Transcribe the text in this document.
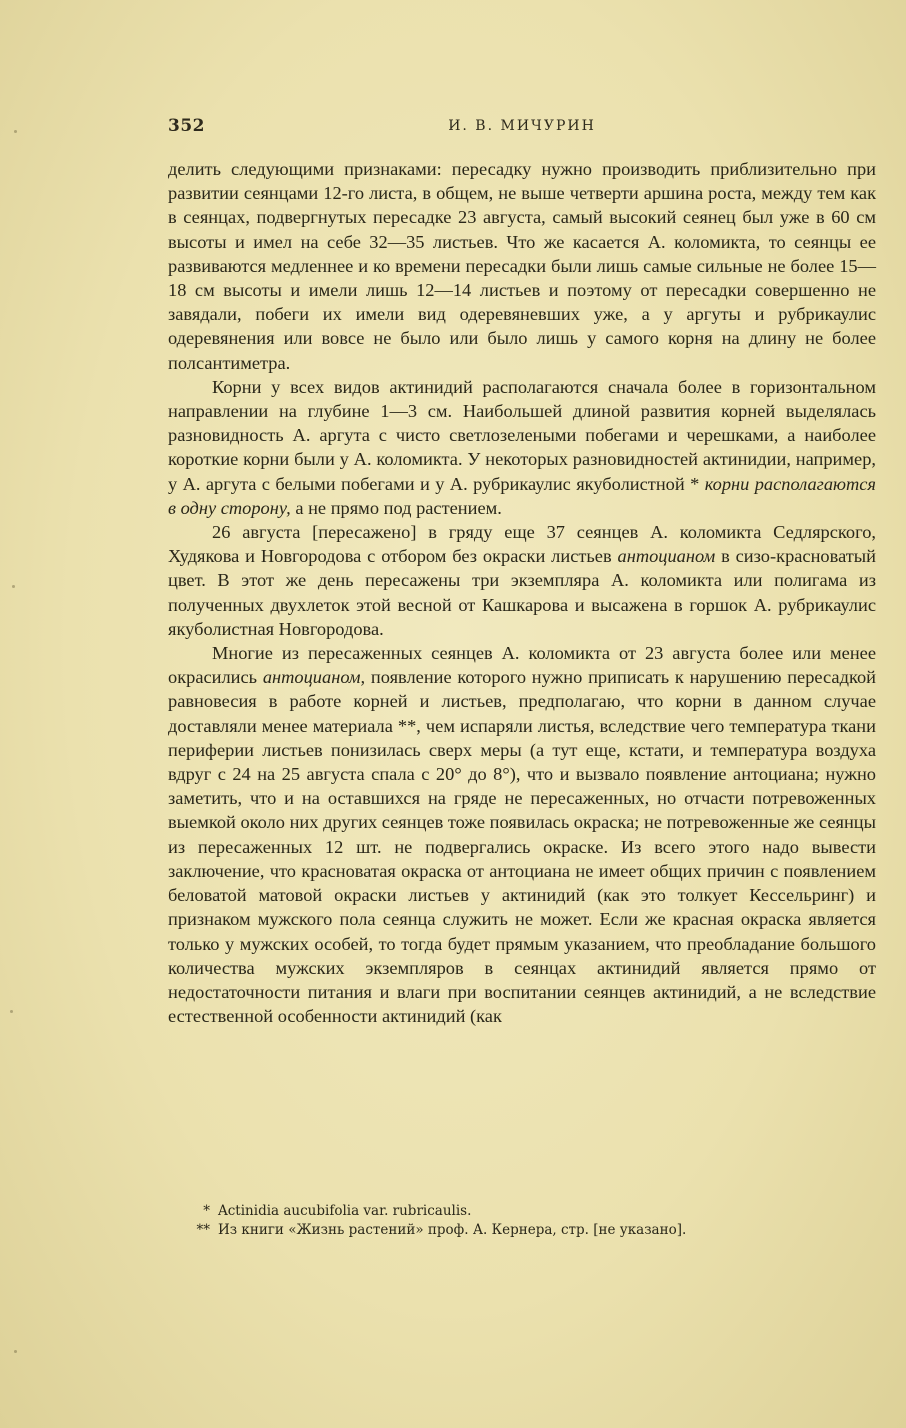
352	И. В. МИЧУРИН

делить следующими признаками: пересадку нужно производить приблизительно при развитии сеянцами 12-го листа, в общем, не выше четверти аршина роста, между тем как в сеянцах, подвергнутых пересадке 23 августа, самый высокий сеянец был уже в 60 см высоты и имел на себе 32—35 листьев. Что же касается А. коломикта, то сеянцы ее развиваются медленнее и ко времени пересадки были лишь самые сильные не более 15—18 см высоты и имели лишь 12—14 листьев и поэтому от пересадки совершенно не завядали, побеги их имели вид одеревяневших уже, а у аргуты и рубрикаулис одеревянения или вовсе не было или было лишь у самого корня на длину не более полсантиметра.

Корни у всех видов актинидий располагаются сначала более в горизонтальном направлении на глубине 1—3 см. Наибольшей длиной развития корней выделялась разновидность А. аргута с чисто светлозелеными побегами и черешками, а наиболее короткие корни были у А. коломикта. У некоторых разновидностей актинидии, например, у А. аргута с белыми побегами и у А. рубрикаулис якуболистной * корни располагаются в одну сторону, а не прямо под растением.

26 августа [пересажено] в гряду еще 37 сеянцев А. коломикта Седлярского, Худякова и Новгородова с отбором без окраски листьев антоцианом в сизо-красноватый цвет. В этот же день пересажены три экземпляра А. коломикта или полигама из полученных двухлеток этой весной от Кашкарова и высажена в горшок А. рубрикаулис якуболистная Новгородова.

Многие из пересаженных сеянцев А. коломикта от 23 августа более или менее окрасились антоцианом, появление которого нужно приписать к нарушению пересадкой равновесия в работе корней и листьев, предполагаю, что корни в данном случае доставляли менее материала **, чем испаряли листья, вследствие чего температура ткани периферии листьев понизилась сверх меры (а тут еще, кстати, и температура воздуха вдруг с 24 на 25 августа спала с 20° до 8°), что и вызвало появление антоциана; нужно заметить, что и на оставшихся на гряде не пересаженных, но отчасти потревоженных выемкой около них других сеянцев тоже появилась окраска; не потревоженные же сеянцы из пересаженных 12 шт. не подвергались окраске. Из всего этого надо вывести заключение, что красноватая окраска от антоциана не имеет общих причин с появлением беловатой матовой окраски листьев у актинидий (как это толкует Кессельринг) и признаком мужского пола сеянца служить не может. Если же красная окраска является только у мужских особей, то тогда будет прямым указанием, что преобладание большого количества мужских экземпляров в сеянцах актинидий является прямо от недостаточности питания и влаги при воспитании сеянцев актинидий, а не вследствие естественной особенности актинидий (как

* Actinidia aucubifolia var. rubricaulis.
** Из книги «Жизнь растений» проф. А. Кернера, стр. [не указано].
